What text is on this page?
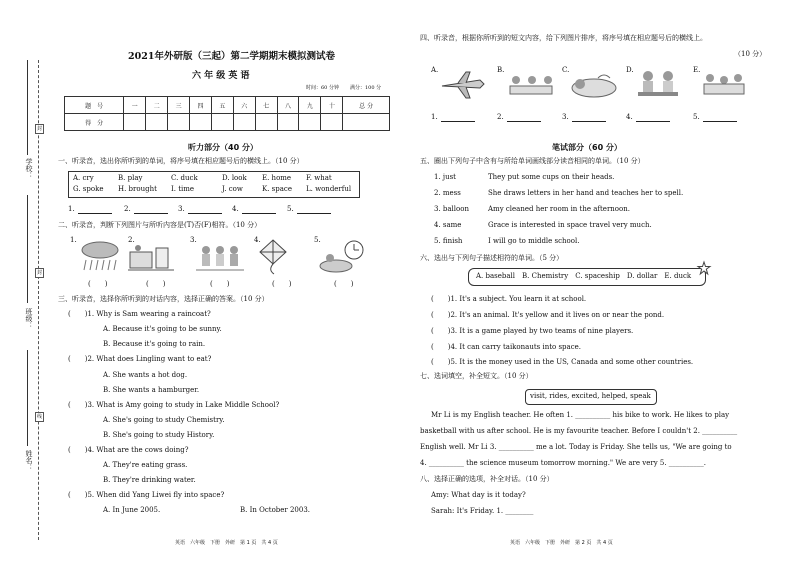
学校：
班级：
姓名：
封
封
线
2021年外研版（三起）第二学期期末模拟测试卷
六 年 级 英 语
时间：60 分钟 满分：100 分
题　号	一	二	三	四	五	六	七	八	九	十	总 分
得　分											
听力部分（40 分）
一、听录音，选出你所听到的单词，将序号填在相应题号后的横线上。（10 分）
A. cry	B. play	C. duck	D. look E. home F. what
G. spoke H. brought I. time	J. cow	K. space L. wonderful
1.	2.	3.	4.	5.
二、听录音，判断下列图片与所听内容是(T)否(F)相符。（10 分）
1.	2.	3.	4.	5.
(　　)	(　　)	(　　)	(　　)	(　　)
三、听录音，选择你所听到的对话内容，选择正确的答案。（10 分）
(　　)1. Why is Sam wearing a raincoat?
A. Because it's going to be sunny.
B. Because it's going to rain.
(　　)2. What does Lingling want to eat?
A. She wants a hot dog.
B. She wants a hamburger.
(　　)3. What is Amy going to study in Lake Middle School?
A. She's going to study Chemistry.
B. She's going to study History.
(　　)4. What are the cows doing?
A. They're eating grass.
B. They're drinking water.
(　　)5. When did Yang Liwei fly into space?
A. In June 2005.	B. In October 2003.
英语　六年级　下册　外研　第 1 页　共 4 页
四、听录音，根据你所听到的短文内容，给下列图片排序，将序号填在相应题号后的横线上。
（10 分）
A.	B.	C.	D.	E.
1.	2.	3.	4.	5.
笔试部分（60 分）
五、圈出下列句子中含有与所给单词画线部分读音相同的单词。（10 分）
1. just	They put some cups on their heads.
2. mess	She draws letters in her hand and teaches her to spell.
3. balloon	Amy cleaned her room in the afternoon.
4. same	Grace is interested in space travel very much.
5. finish	I will go to middle school.
六、选出与下列句子描述相符的单词。（5 分）
A. baseball　B. Chemistry　C. spaceship　D. dollar　E. duck
(　　)1. It's a subject. You learn it at school.
(　　)2. It's an animal. It's yellow and it lives on or near the pond.
(　　)3. It is a game played by two teams of nine players.
(　　)4. It can carry taikonauts into space.
(　　)5. It is the money used in the US, Canada and some other countries.
七、选词填空，补全短文。（10 分）
visit, rides, excited, helped, speak
Mr Li is my English teacher. He often 1. __________ his bike to work. He likes to play
basketball with us after school. He is my favourite teacher. Before I couldn't 2. __________
English well. Mr Li 3. __________ me a lot. Today is Friday. She tells us, "We are going to
4. __________ the science museum tomorrow morning." We are very 5. __________.
八、选择正确的选项，补全对话。（10 分）
Amy: What day is it today?
Sarah: It's Friday. 1. ________
英语　六年级　下册　外研　第 2 页　共 4 页
